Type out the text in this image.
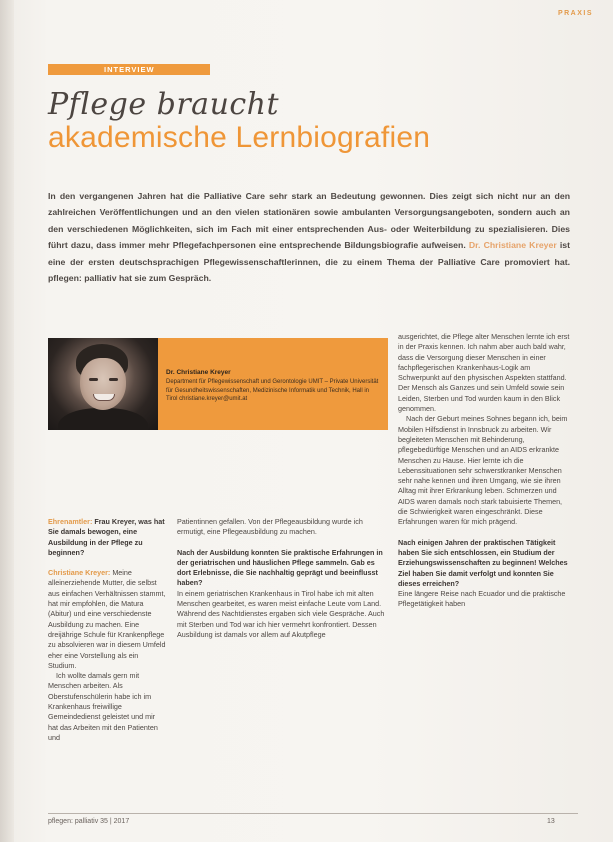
PRAXIS
INTERVIEW
Pflege braucht
akademische Lernbiografien
In den vergangenen Jahren hat die Palliative Care sehr stark an Bedeutung gewonnen. Dies zeigt sich nicht nur an den zahlreichen Veröffentlichungen und an den vielen stationären sowie ambulanten Versorgungsangeboten, sondern auch an den verschiedenen Möglichkeiten, sich im Fach mit einer entsprechenden Aus- oder Weiterbildung zu spezialisieren. Dies führt dazu, dass immer mehr Pflegefachpersonen eine entsprechende Bildungsbiografie aufweisen. Dr. Christiane Kreyer ist eine der ersten deutschsprachigen Pflegewissenschaftlerinnen, die zu einem Thema der Palliative Care promoviert hat. pflegen: palliativ hat sie zum Gespräch.
Dr. Christiane Kreyer
Department für Pflegewissenschaft und Gerontologie UMIT – Private Universität für Gesundheitswissenschaften, Medizinische Informatik und Technik, Hall in Tirol christiane.kreyer@umit.at

Ehrenamtler: Frau Kreyer, was hat Sie damals bewogen, eine Ausbildung in der Pflege zu beginnen?

Christiane Kreyer: Meine alleinerziehende Mutter, die selbst aus einfachen Verhältnissen stammt, hat mir empfohlen, die Matura (Abitur) und eine verschiedenste Ausbildung zu machen. Eine dreijährige Schule für Krankenpflege zu absolvieren war in diesem Umfeld eher eine Vorstellung als ein Studium.

Ich wollte damals gern mit Menschen arbeiten. Als Oberstufenschülerin habe ich im Krankenhaus freiwillige Gemeindedienst geleistet und mir hat das Arbeiten mit den Patienten und

Patientinnen gefallen. Von der Pflegeausbildung wurde ich ermutigt, eine Pflegeausbildung zu machen.

Nach der Ausbildung konnten Sie praktische Erfahrungen in der geriatrischen und häuslichen Pflege sammeln. Gab es dort Erlebnisse, die Sie nachhaltig geprägt und beeinflusst haben?

In einem geriatrischen Krankenhaus in Tirol habe ich mit alten Menschen gearbeitet, es waren meist einfache Leute vom Land. Während des Nachtdienstes ergaben sich viele Gespräche. Auch mit Sterben und Tod war ich hier vermehrt konfrontiert. Dessen Ausbildung ist damals vor allem auf Akutpflege

ausgerichtet, die Pflege alter Menschen lernte ich erst in der Praxis kennen. Ich nahm aber auch bald wahr, dass die Versorgung dieser Menschen in einer fachpflegerischen Krankenhaus-Logik am Schwerpunkt auf den physischen Aspekten stattfand. Der Mensch als Ganzes und sein Umfeld sowie sein Leiden, Sterben und Tod wurden kaum in den Blick genommen.

Nach der Geburt meines Sohnes begann ich, beim Mobilen Hilfsdienst in Innsbruck zu arbeiten. Wir begleiteten Menschen mit Behinderung, pflegebedürftige Menschen und an AIDS erkrankte Menschen zu Hause. Hier lernte ich die Lebenssituationen sehr schwerstkranker Menschen sehr nahe kennen und ihren Umgang, wie sie ihren Alltag mit ihrer Erkrankung leben. Schmerzen und AIDS waren damals noch stark tabuisierte Themen, die Schwierigkeit waren eingeschränkt. Diese Erfahrungen waren für mich prägend.

Nach einigen Jahren der praktischen Tätigkeit haben Sie sich entschlossen, ein Studium der Erziehungswissenschaften zu beginnen! Welches Ziel haben Sie damit verfolgt und konnten Sie dieses erreichen?

Eine längere Reise nach Ecuador und die praktische Pflegetätigkeit haben

pflegen: palliativ 35 | 2017	13
